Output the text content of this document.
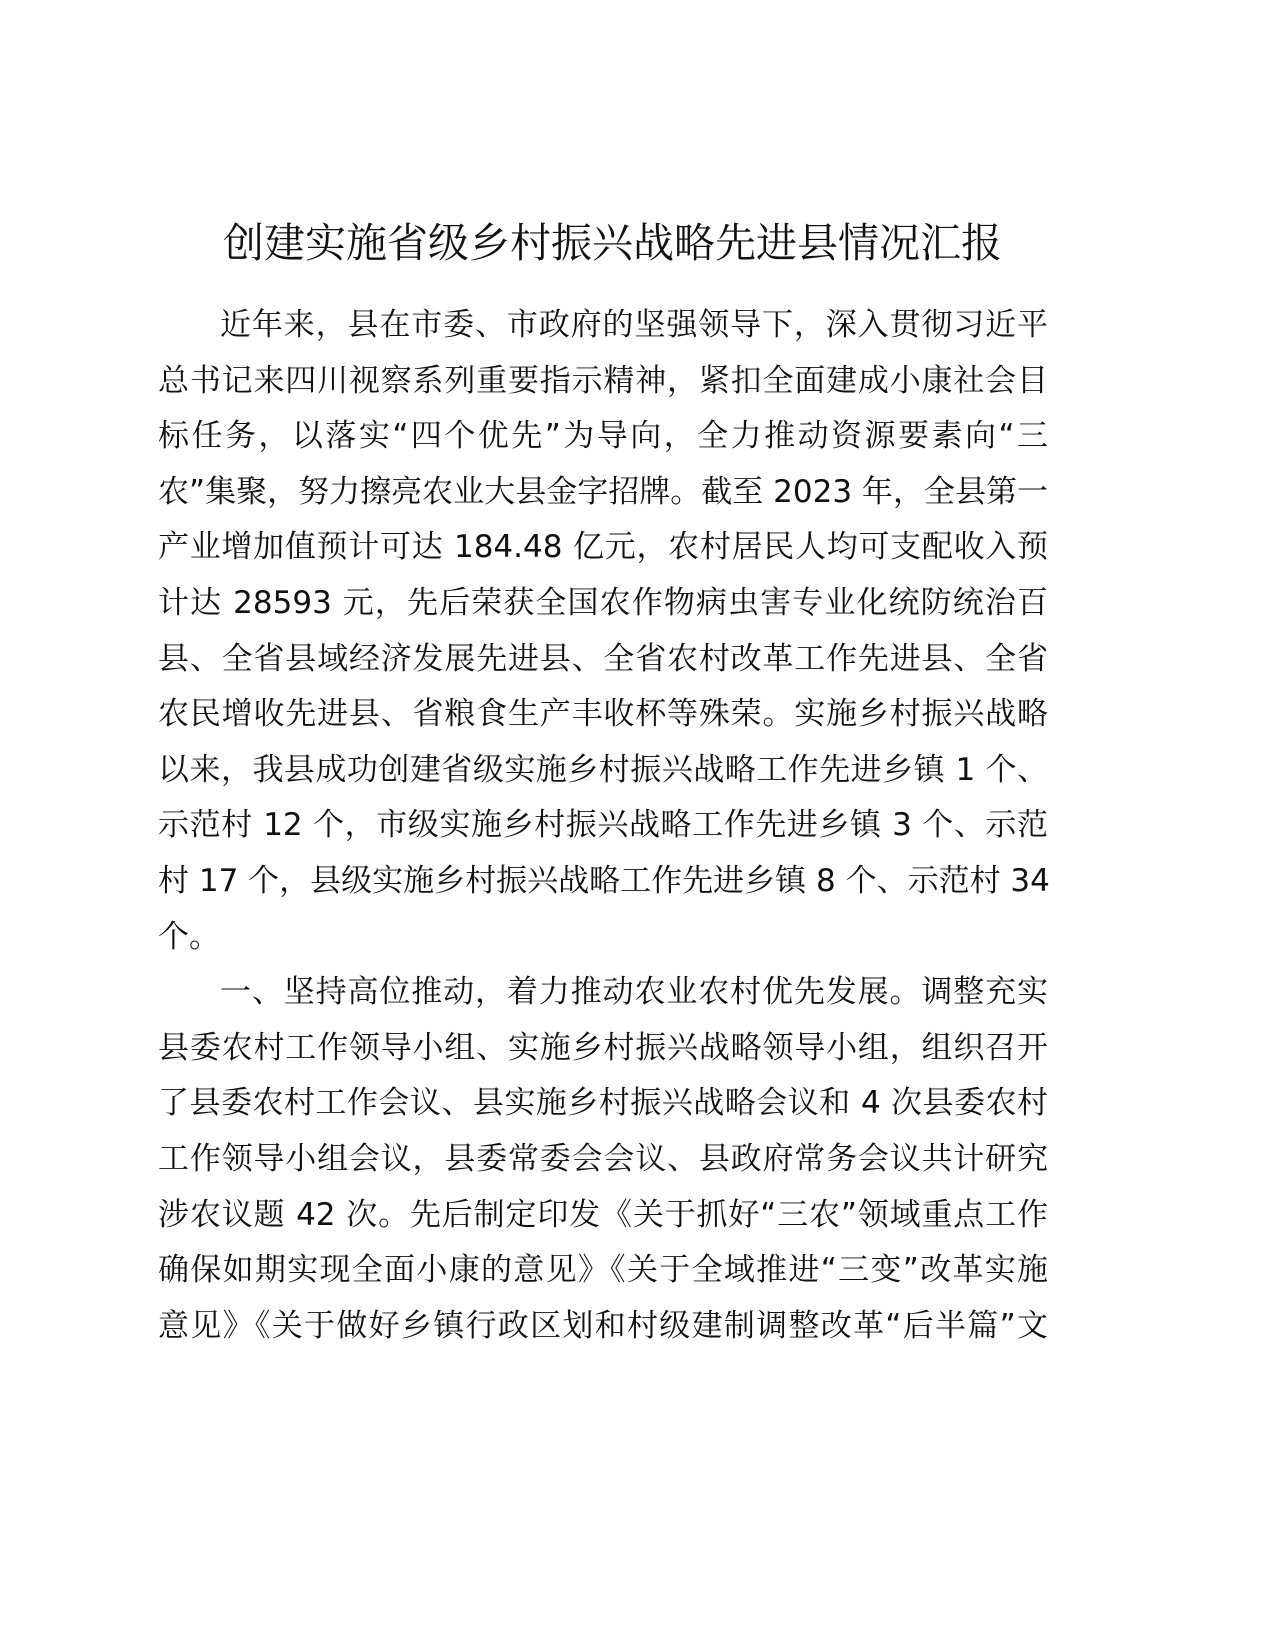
创建实施省级乡村振兴战略先进县情况汇报
近年来，县在市委、市政府的坚强领导下，深入贯彻习近平
总书记来四川视察系列重要指示精神，紧扣全面建成小康社会目
标任务，以落实“四个优先”为导向，全力推动资源要素向“三
农”集聚，努力擦亮农业大县金字招牌。截至 2023 年，全县第一
产业增加值预计可达 184.48 亿元，农村居民人均可支配收入预
计达 28593 元，先后荣获全国农作物病虫害专业化统防统治百
县、全省县域经济发展先进县、全省农村改革工作先进县、全省
农民增收先进县、省粮食生产丰收杯等殊荣。实施乡村振兴战略
以来，我县成功创建省级实施乡村振兴战略工作先进乡镇 1 个、
示范村 12 个，市级实施乡村振兴战略工作先进乡镇 3 个、示范
村 17 个，县级实施乡村振兴战略工作先进乡镇 8 个、示范村 34
个。
一、坚持高位推动，着力推动农业农村优先发展。调整充实
县委农村工作领导小组、实施乡村振兴战略领导小组，组织召开
了县委农村工作会议、县实施乡村振兴战略会议和 4 次县委农村
工作领导小组会议，县委常委会会议、县政府常务会议共计研究
涉农议题 42 次。先后制定印发《关于抓好“三农”领域重点工作
确保如期实现全面小康的意见》《关于全域推进“三变”改革实施
意见》《关于做好乡镇行政区划和村级建制调整改革“后半篇”文
